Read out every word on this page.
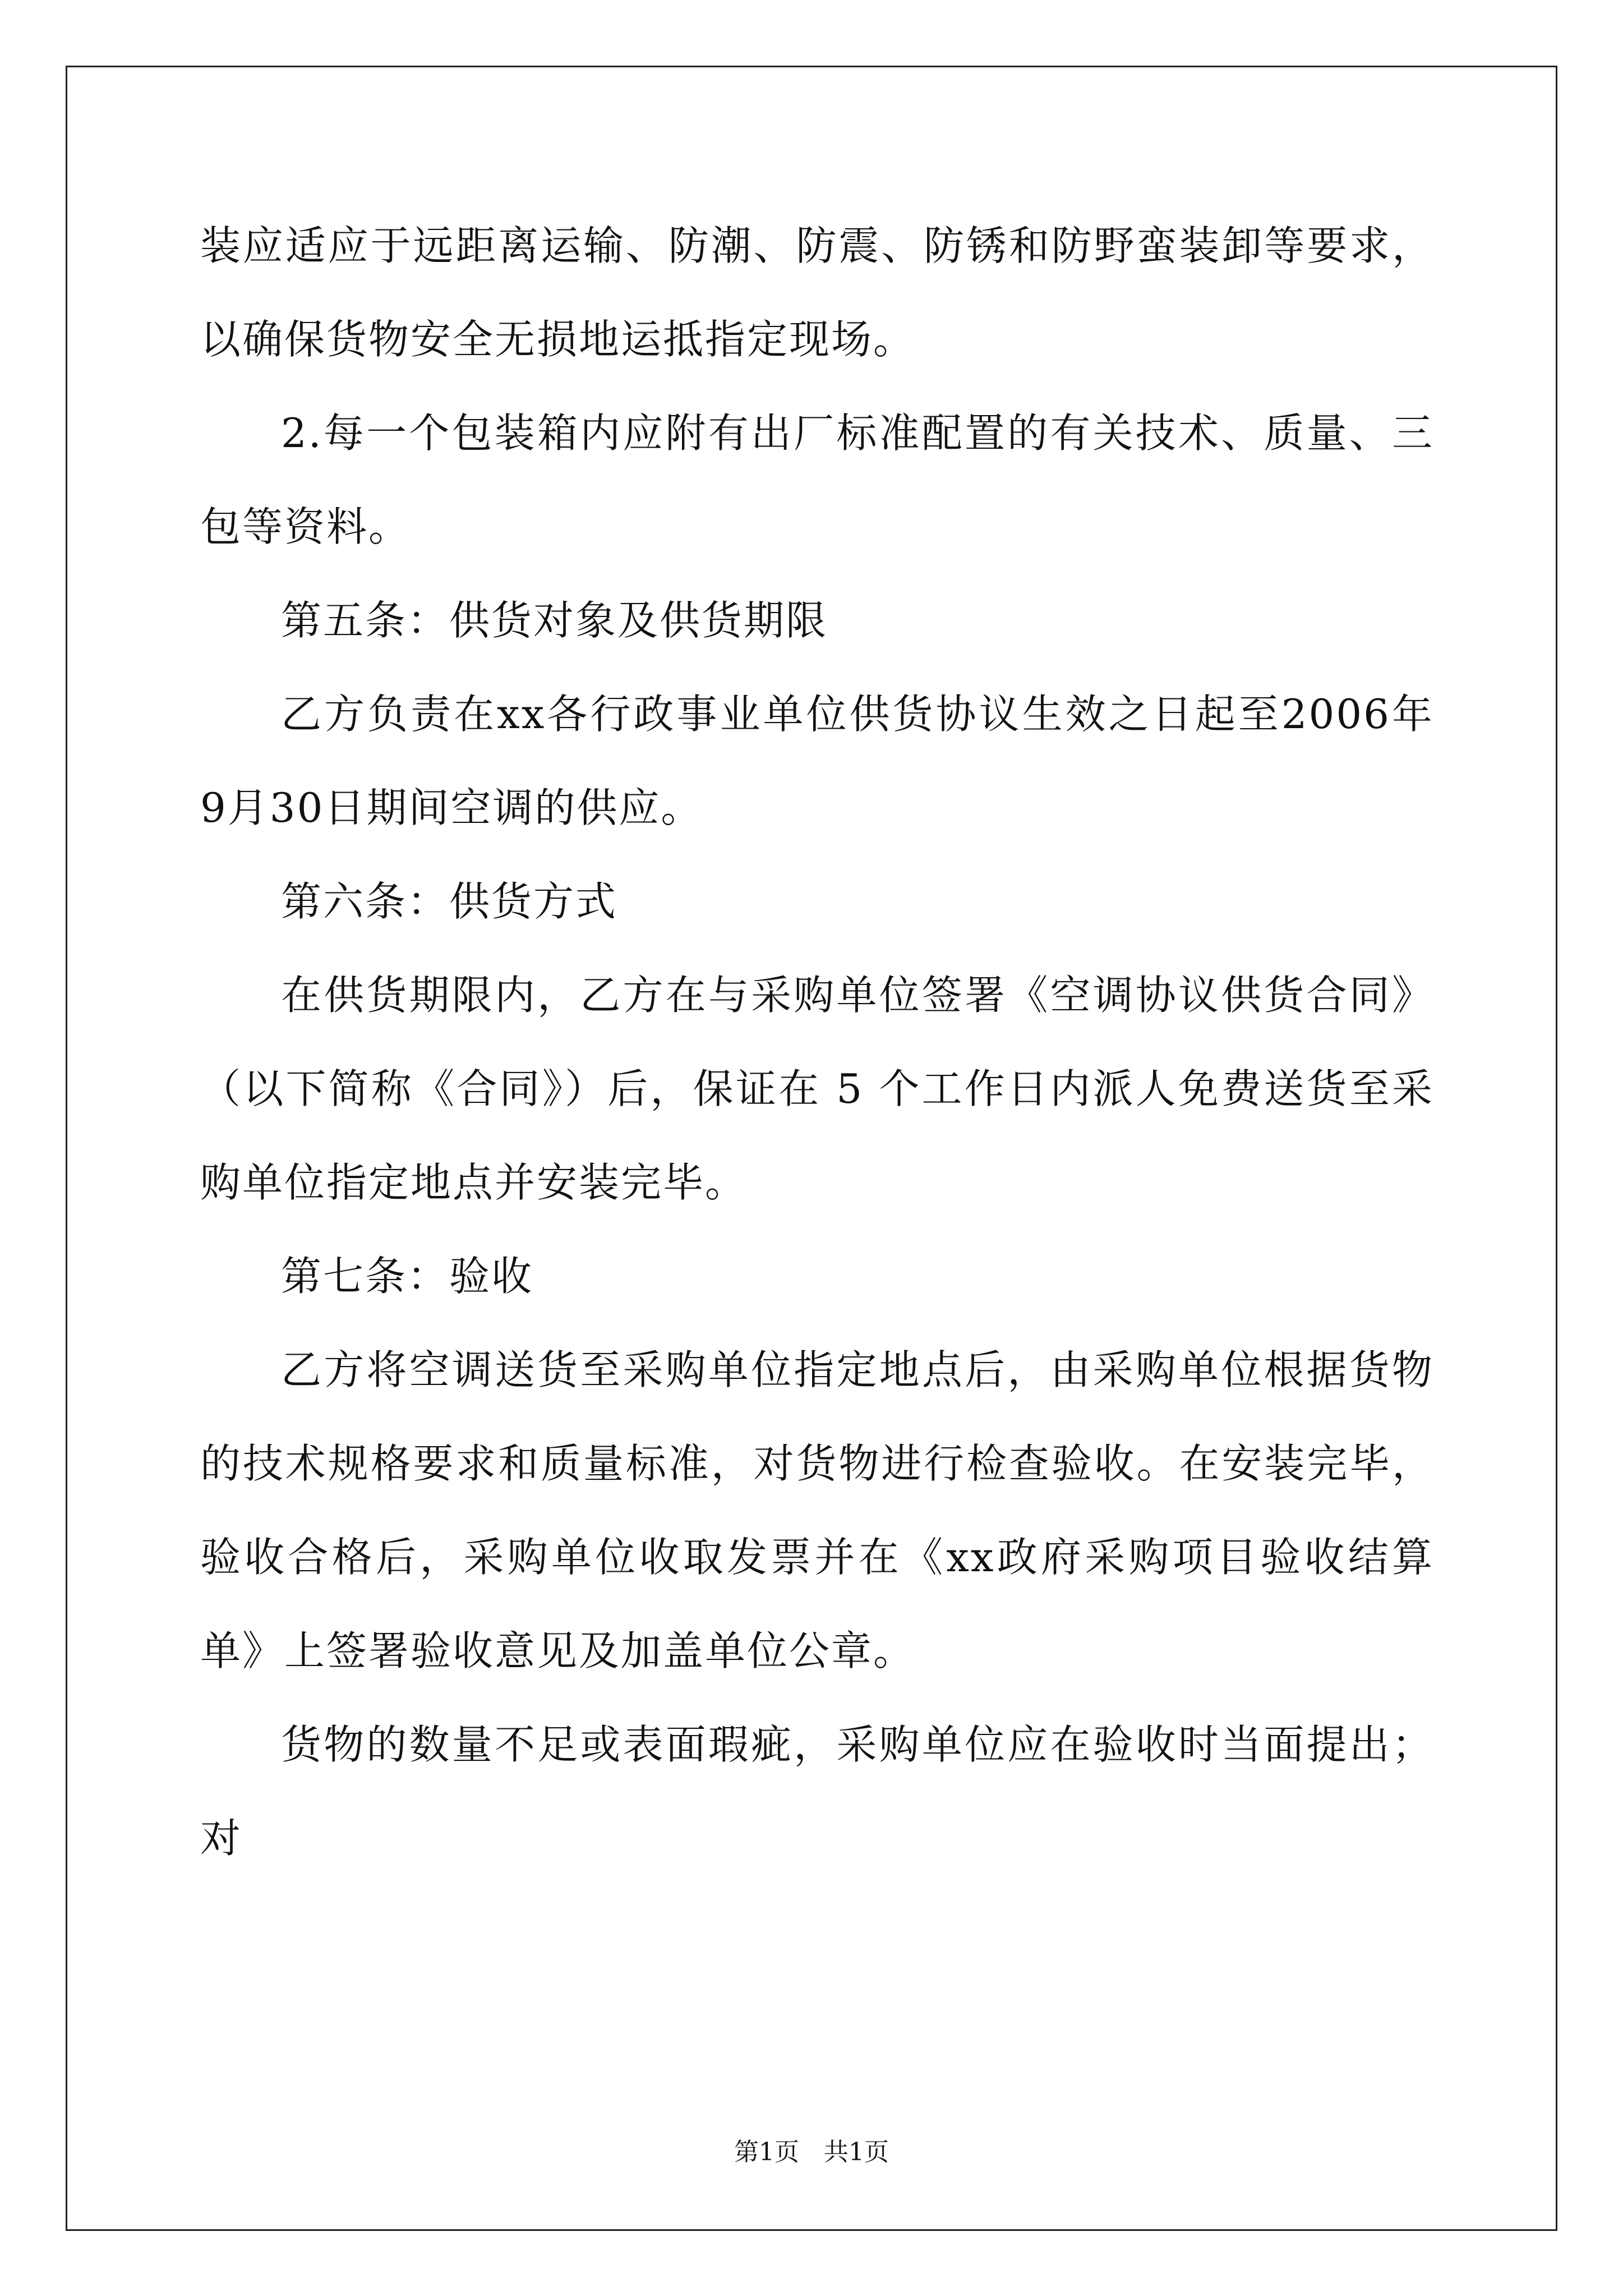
装应适应于远距离运输、防潮、防震、防锈和防野蛮装卸等要求，以确保货物安全无损地运抵指定现场。

2.每一个包装箱内应附有出厂标准配置的有关技术、质量、三包等资料。

第五条：供货对象及供货期限

乙方负责在xx各行政事业单位供货协议生效之日起至2006年9月30日期间空调的供应。

第六条：供货方式

在供货期限内，乙方在与采购单位签署《空调协议供货合同》（以下简称《合同》）后，保证在 5 个工作日内派人免费送货至采购单位指定地点并安装完毕。

第七条：验收

乙方将空调送货至采购单位指定地点后，由采购单位根据货物的技术规格要求和质量标准，对货物进行检查验收。在安装完毕，验收合格后，采购单位收取发票并在《xx政府采购项目验收结算单》上签署验收意见及加盖单位公章。

货物的数量不足或表面瑕疵，采购单位应在验收时当面提出；对

第1页　共1页
